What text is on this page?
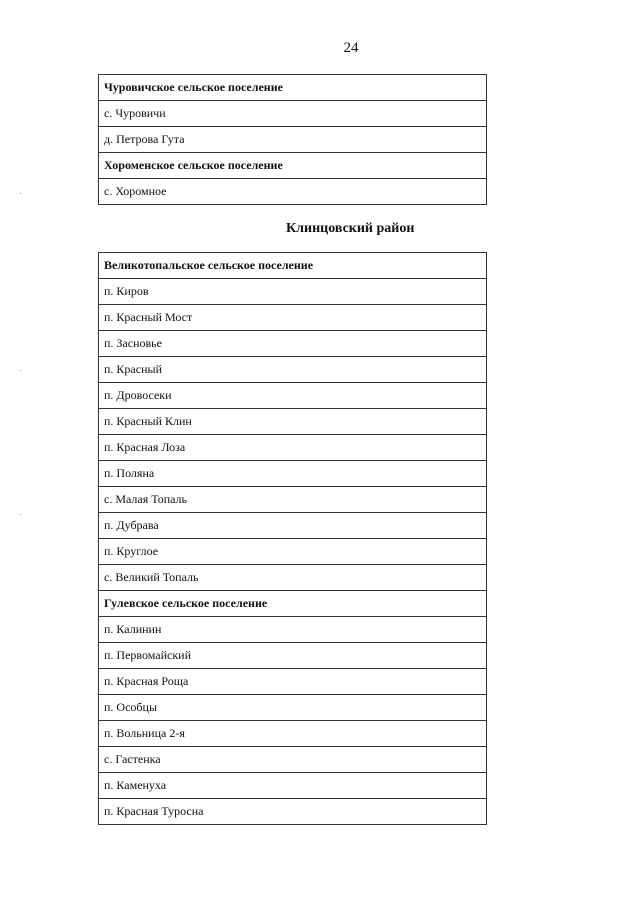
24
Чуровичское сельское поселение
с. Чуровичи
д. Петрова Гута
Хороменское сельское поселение
с. Хоромное
Клинцовский район
Великотопальское сельское поселение
п. Киров
п. Красный Мост
п. Засновье
п. Красный
п. Дровосеки
п. Красный Клин
п. Красная Лоза
п. Поляна
с. Малая Топаль
п. Дубрава
п. Круглое
с. Великий Топаль
Гулевское сельское поселение
п. Калинин
п. Первомайский
п. Красная Роща
п. Особцы
п. Вольница 2-я
с. Гастенка
п. Каменуха
п. Красная Туросна
